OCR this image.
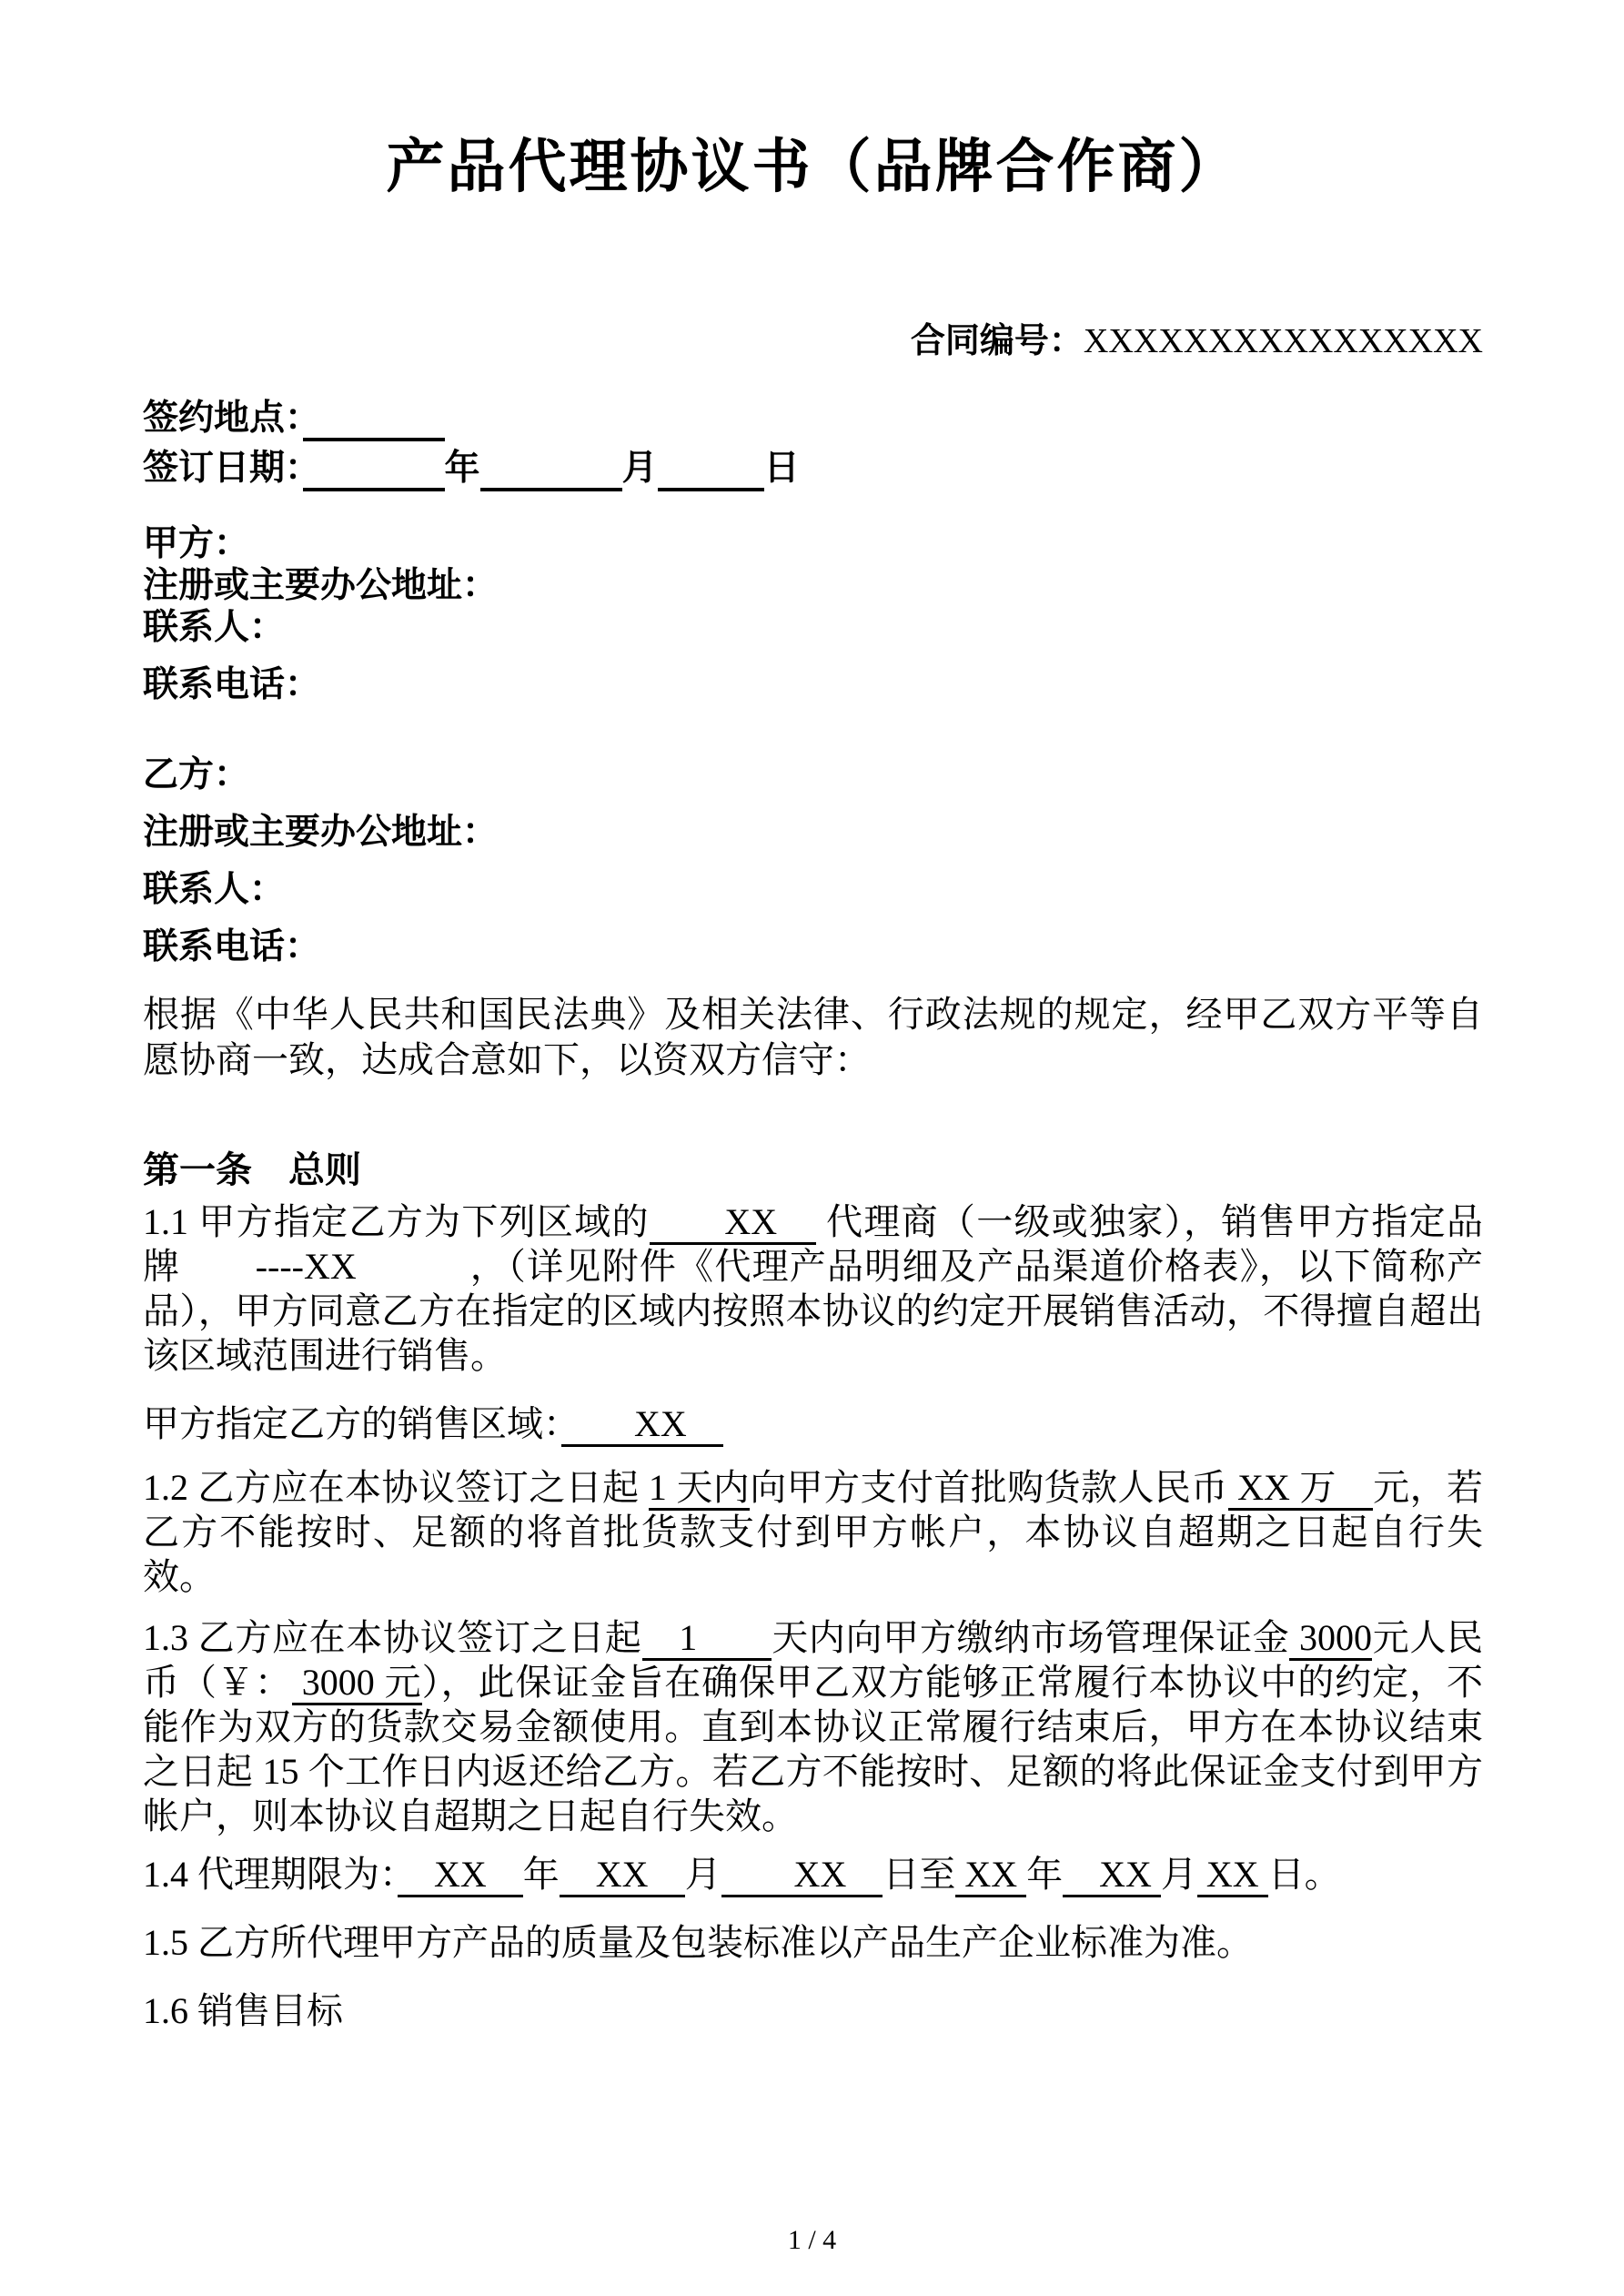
产品代理协议书（品牌合作商）
合同编号：XXXXXXXXXXXXXXXX

签约地点：　　　　

签订日期：　　　　	年　　　　	月　　　	日

甲方：

注册或主要办公地址：

联系人：

联系电话：

乙方：

注册或主要办公地址：

联系人：

联系电话：

根据《中华人民共和国民法典》及相关法律、行政法规的规定，经甲乙双方平等自愿协商一致，达成合意如下，以资双方信守：

第一条　总则

1.1 甲方指定乙方为下列区域的　　XX　 代理商（一级或独家），销售甲方指定品牌　　----XX　　　，（详见附件《代理产品明细及产品渠道价格表》，以下简称产品），甲方同意乙方在指定的区域内按照本协议的约定开展销售活动，不得擅自超出该区域范围进行销售。

甲方指定乙方的销售区域：　　XX　

1.2 乙方应在本协议签订之日起 1 天内向甲方支付首批购货款人民币 XX 万　元，若乙方不能按时、足额的将首批货款支付到甲方帐户，本协议自超期之日起自行失效。

1.3 乙方应在本协议签订之日起　1　　天内向甲方缴纳市场管理保证金 3000元人民币（￥： 3000 元），此保证金旨在确保甲乙双方能够正常履行本协议中的约定，不能作为双方的货款交易金额使用。直到本协议正常履行结束后，甲方在本协议结束之日起 15 个工作日内返还给乙方。若乙方不能按时、足额的将此保证金支付到甲方帐户，则本协议自超期之日起自行失效。

1.4 代理期限为：　XX　年　XX　月　　XX　日至 XX 年　XX 月 XX 日。

1.5 乙方所代理甲方产品的质量及包装标准以产品生产企业标准为准。

1.6 销售目标

1 / 4
